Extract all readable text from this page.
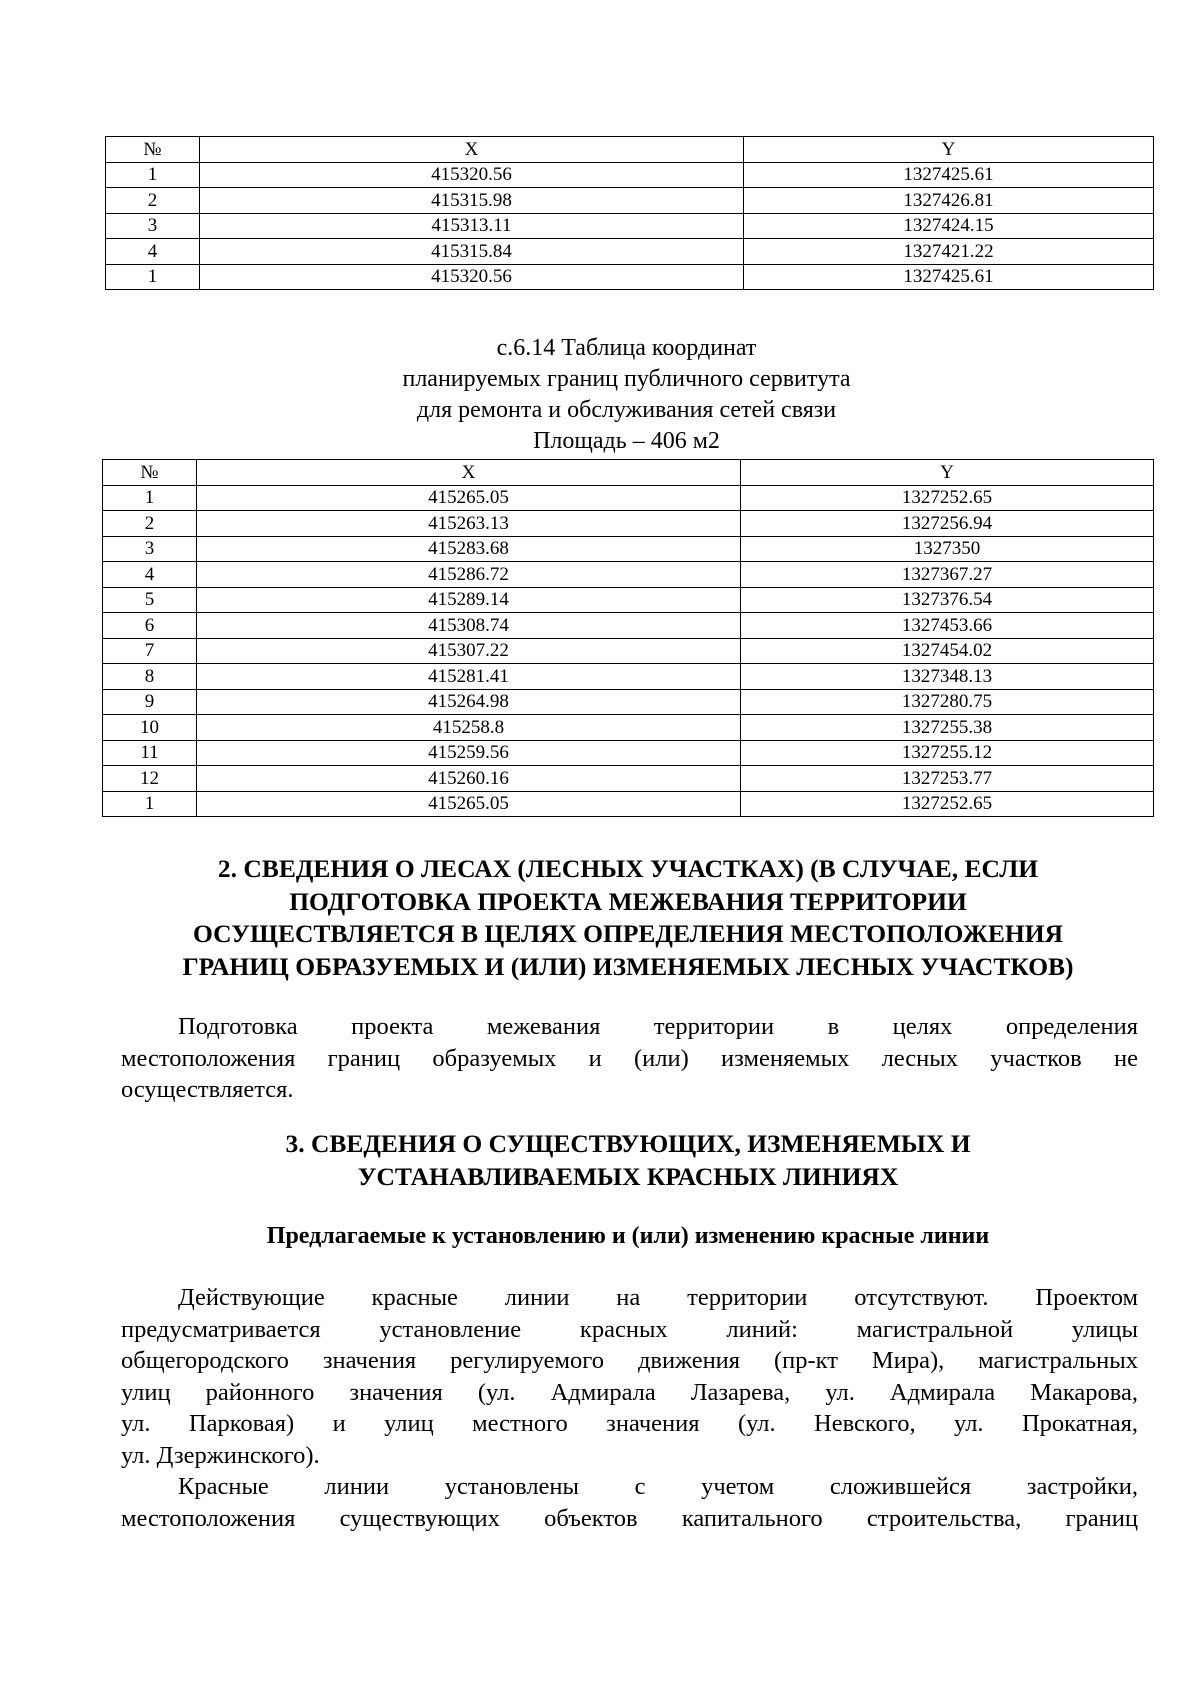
№	X	Y
1	415320.56	1327425.61
2	415315.98	1327426.81
3	415313.11	1327424.15
4	415315.84	1327421.22
1	415320.56	1327425.61
с.6.14 Таблица координат
планируемых границ публичного сервитута
для ремонта и обслуживания сетей связи
Площадь – 406 м2
№	X	Y
1	415265.05	1327252.65
2	415263.13	1327256.94
3	415283.68	1327350
4	415286.72	1327367.27
5	415289.14	1327376.54
6	415308.74	1327453.66
7	415307.22	1327454.02
8	415281.41	1327348.13
9	415264.98	1327280.75
10	415258.8	1327255.38
11	415259.56	1327255.12
12	415260.16	1327253.77
1	415265.05	1327252.65
2. СВЕДЕНИЯ О ЛЕСАХ (ЛЕСНЫХ УЧАСТКАХ) (В СЛУЧАЕ, ЕСЛИ
ПОДГОТОВКА ПРОЕКТА МЕЖЕВАНИЯ ТЕРРИТОРИИ
ОСУЩЕСТВЛЯЕТСЯ В ЦЕЛЯХ ОПРЕДЕЛЕНИЯ МЕСТОПОЛОЖЕНИЯ
ГРАНИЦ ОБРАЗУЕМЫХ И (ИЛИ) ИЗМЕНЯЕМЫХ ЛЕСНЫХ УЧАСТКОВ)
Подготовка проекта межевания территории в целях определения
местоположения границ образуемых и (или) изменяемых лесных участков не
осуществляется.
3. СВЕДЕНИЯ О СУЩЕСТВУЮЩИХ, ИЗМЕНЯЕМЫХ И
УСТАНАВЛИВАЕМЫХ КРАСНЫХ ЛИНИЯХ
Предлагаемые к установлению и (или) изменению красные линии
Действующие красные линии на территории отсутствуют. Проектом
предусматривается установление красных линий: магистральной улицы
общегородского значения регулируемого движения (пр-кт Мира), магистральных
улиц районного значения (ул. Адмирала Лазарева, ул. Адмирала Макарова,
ул. Парковая) и улиц местного значения (ул. Невского, ул. Прокатная,
ул. Дзержинского).
Красные линии установлены с учетом сложившейся застройки,
местоположения существующих объектов капитального строительства, границ
